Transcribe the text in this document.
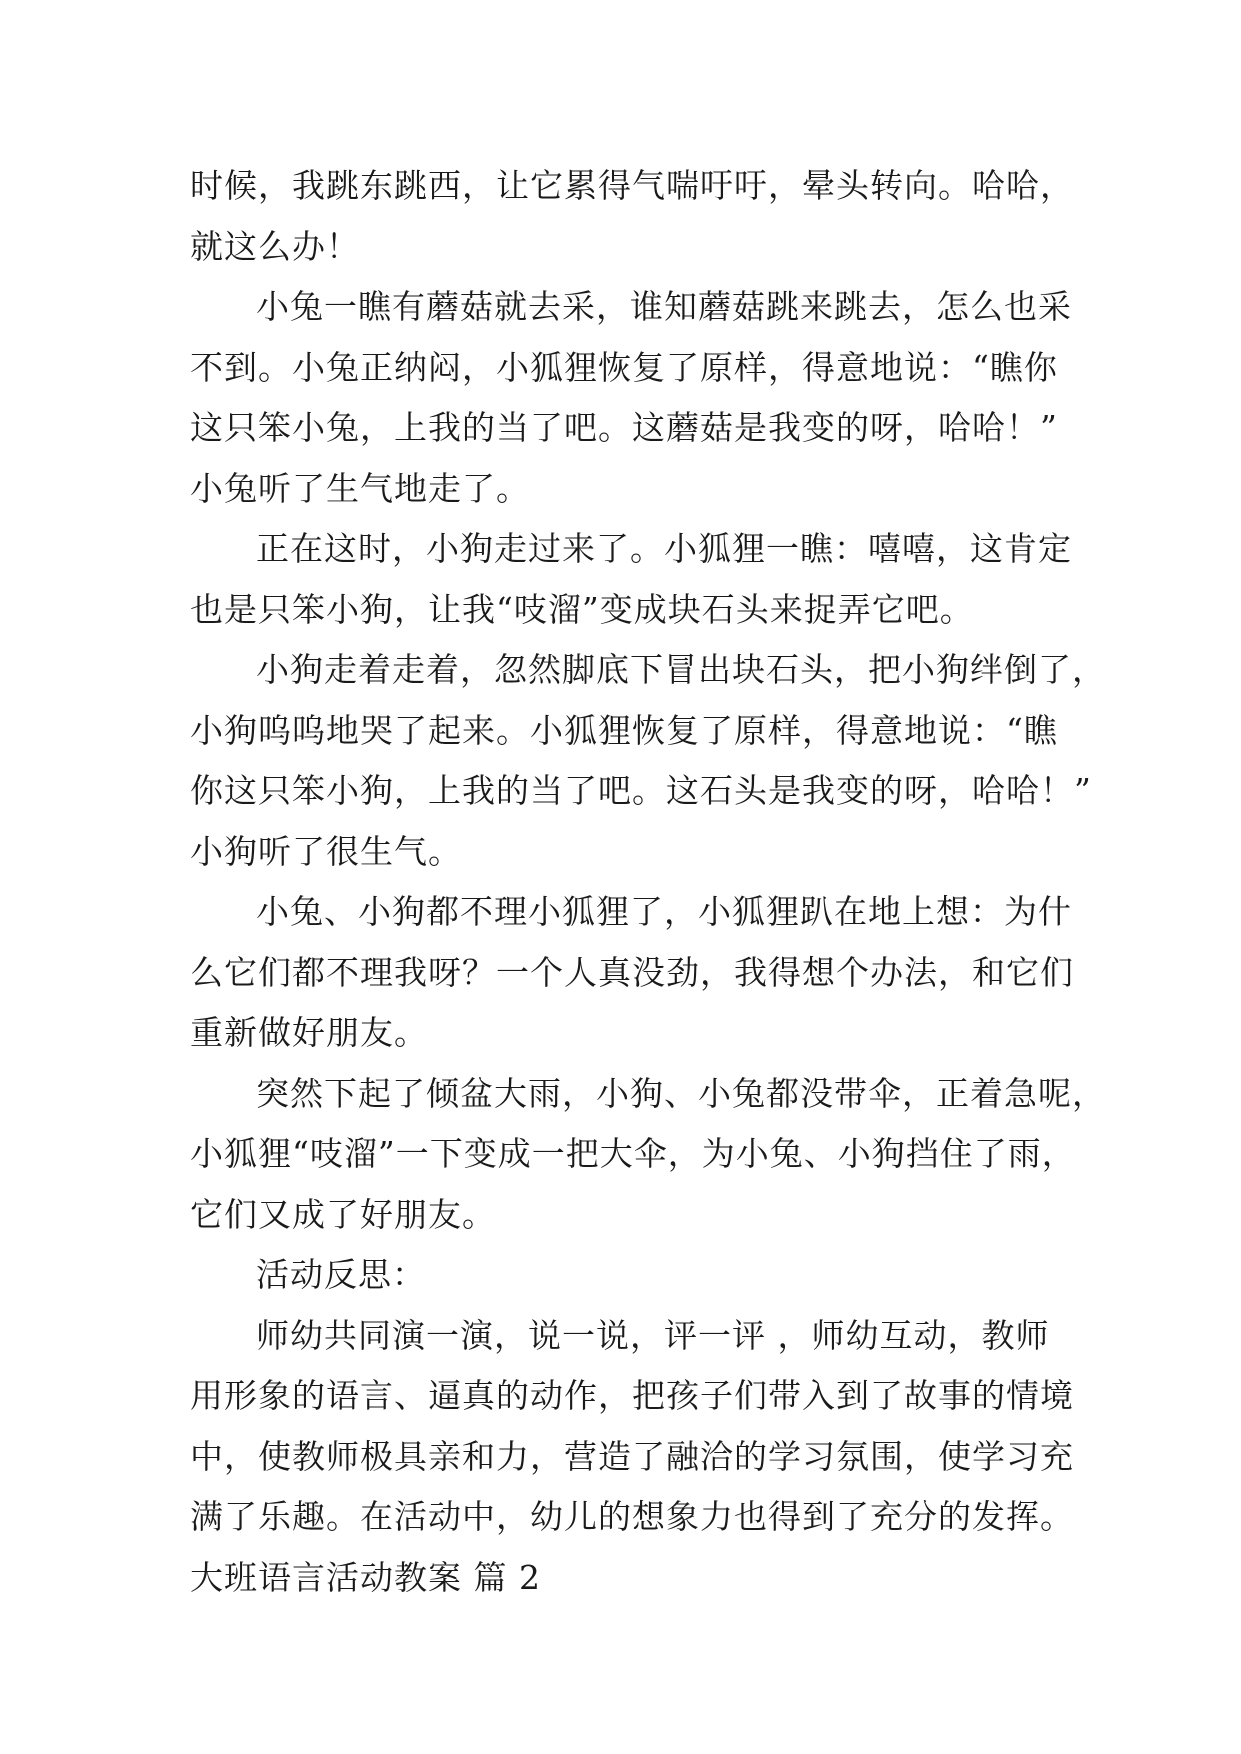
时候，我跳东跳西，让它累得气喘吁吁，晕头转向。哈哈，
就这么办！
小兔一瞧有蘑菇就去采，谁知蘑菇跳来跳去，怎么也采
不到。小兔正纳闷，小狐狸恢复了原样，得意地说：“瞧你
这只笨小兔，上我的当了吧。这蘑菇是我变的呀，哈哈！”
小兔听了生气地走了。
正在这时，小狗走过来了。小狐狸一瞧：嘻嘻，这肯定
也是只笨小狗，让我“吱溜”变成块石头来捉弄它吧。
小狗走着走着，忽然脚底下冒出块石头，把小狗绊倒了，
小狗呜呜地哭了起来。小狐狸恢复了原样，得意地说：“瞧
你这只笨小狗，上我的当了吧。这石头是我变的呀，哈哈！”
小狗听了很生气。
小兔、小狗都不理小狐狸了，小狐狸趴在地上想：为什
么它们都不理我呀？一个人真没劲，我得想个办法，和它们
重新做好朋友。
突然下起了倾盆大雨，小狗、小兔都没带伞，正着急呢，
小狐狸“吱溜”一下变成一把大伞，为小兔、小狗挡住了雨，
它们又成了好朋友。
活动反思：
师幼共同演一演，说一说，评一评 ，师幼互动，教师
用形象的语言、逼真的动作，把孩子们带入到了故事的情境
中，使教师极具亲和力，营造了融洽的学习氛围，使学习充
满了乐趣。在活动中，幼儿的想象力也得到了充分的发挥。
大班语言活动教案 篇 2
